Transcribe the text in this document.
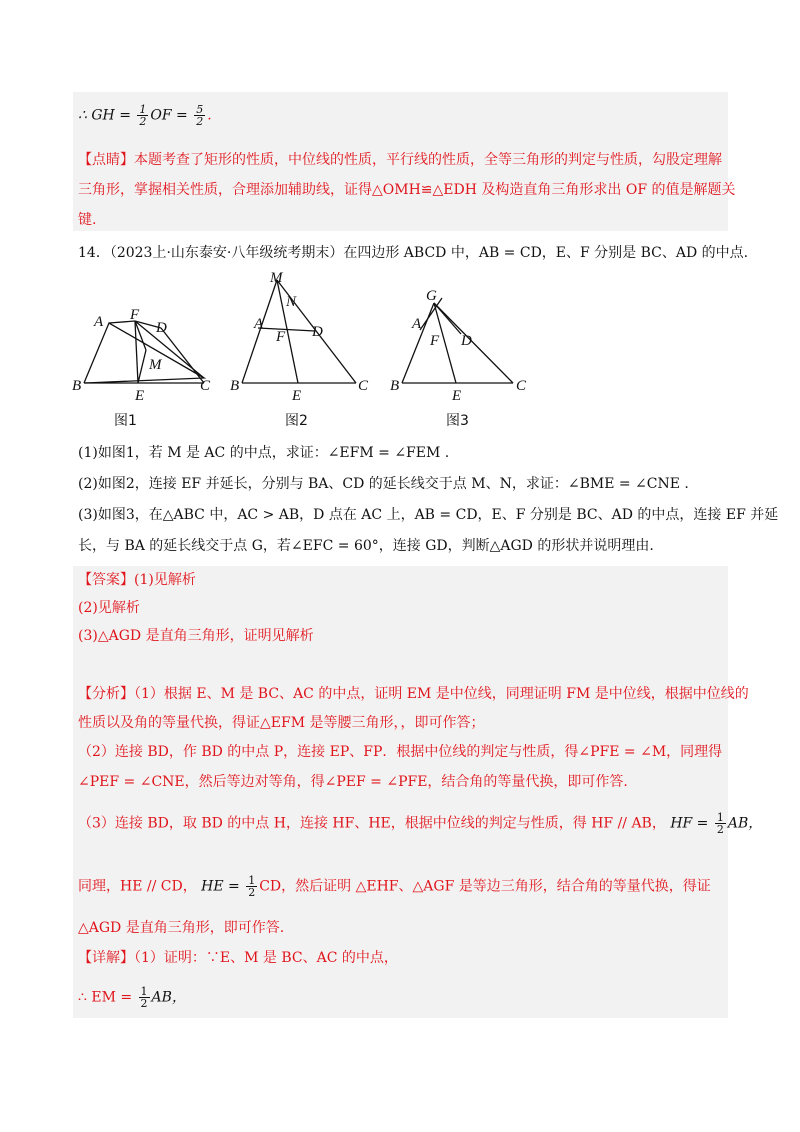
∴ GH = $\frac{1}{2}$ OF = $\frac{5}{2}$ .
【点睛】本题考查了矩形的性质，中位线的性质，平行线的性质，全等三角形的判定与性质，勾股定理解
三角形，掌握相关性质，合理添加辅助线，证得△OMH≌△EDH 及构造直角三角形求出 OF 的值是解题关
键.
14．（2023上·山东泰安·八年级统考期末）在四边形 ABCD 中，AB = CD，E、F 分别是 BC、AD 的中点.
B
A F
D
M
E
C
图1
M
N
A
F D
B
E
C
图2
G
A
F D
B
E
C
图3
(1)如图1，若 M 是 AC 的中点，求证：∠EFM = ∠FEM .
(2)如图2，连接 EF 并延长，分别与 BA、CD 的延长线交于点 M、N，求证：∠BME = ∠CNE .
(3)如图3，在△ABC 中，AC > AB，D 点在 AC 上，AB = CD，E、F 分别是 BC、AD 的中点，连接 EF 并延
长，与 BA 的延长线交于点 G，若∠EFC = 60°，连接 GD，判断△AGD 的形状并说明理由.
【答案】(1)见解析
(2)见解析
(3)△AGD 是直角三角形，证明见解析
【分析】（1）根据 E、M 是 BC、AC 的中点，证明 EM 是中位线，同理证明 FM 是中位线，根据中位线的
性质以及角的等量代换，得证△EFM 是等腰三角形，，即可作答；
（2）连接 BD，作 BD 的中点 P，连接 EP、FP．根据中位线的判定与性质，得∠PFE = ∠M，同理得
∠PEF = ∠CNE，然后等边对等角，得∠PEF = ∠PFE，结合角的等量代换，即可作答.
（3）连接 BD，取 BD 的中点 H，连接 HF、HE，根据中位线的判定与性质，得 HF // AB， HF = $\frac{1}{2}$ AB，
同理，HE // CD， HE = $\frac{1}{2}$ CD，然后证明 △EHF、△AGF 是等边三角形，结合角的等量代换，得证
△AGD 是直角三角形，即可作答.
【详解】（1）证明：∵E、M 是 BC、AC 的中点，
∴ EM = $\frac{1}{2}$ AB，
